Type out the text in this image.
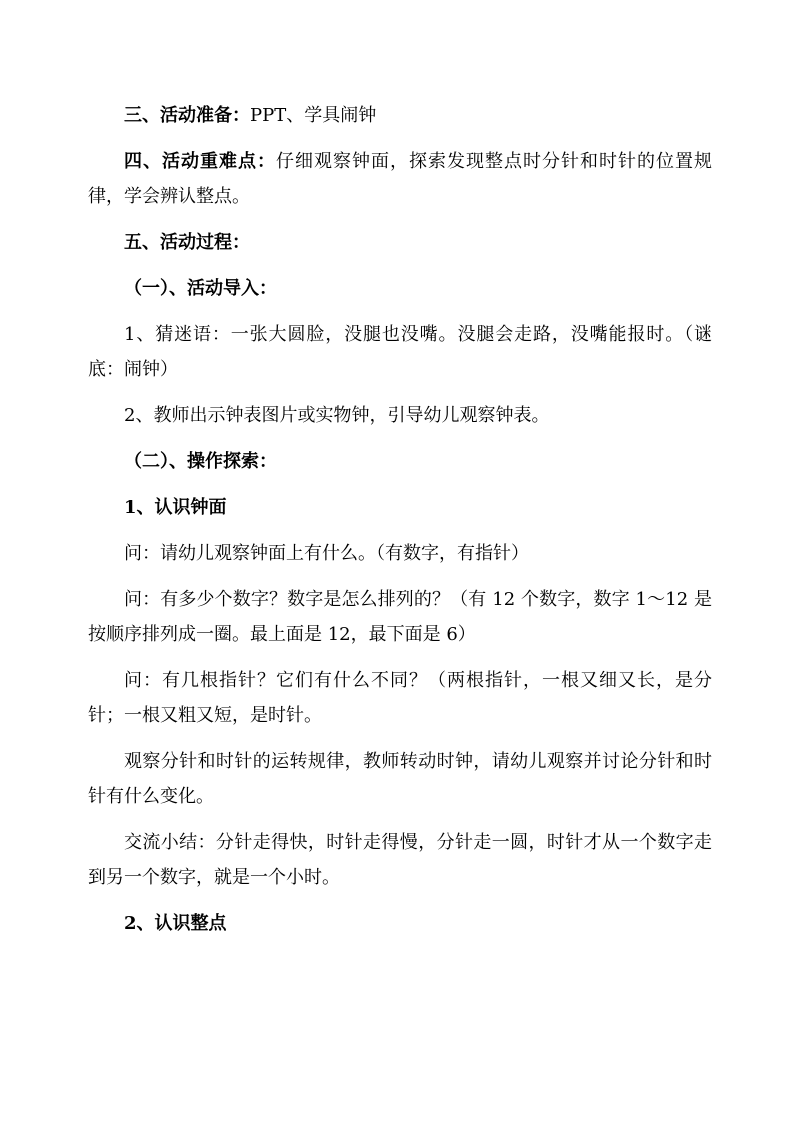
三、活动准备：PPT、学具闹钟

四、活动重难点：仔细观察钟面，探索发现整点时分针和时针的位置规律，学会辨认整点。

五、活动过程：

（一）、活动导入：

1、猜迷语：一张大圆脸，没腿也没嘴。没腿会走路，没嘴能报时。（谜底：闹钟）

2、教师出示钟表图片或实物钟，引导幼儿观察钟表。

（二）、操作探索：

1、认识钟面

问：请幼儿观察钟面上有什么。（有数字，有指针）

问：有多少个数字？数字是怎么排列的？（有 12 个数字，数字 1～12 是按顺序排列成一圈。最上面是 12，最下面是 6）

问：有几根指针？它们有什么不同？（两根指针，一根又细又长，是分针；一根又粗又短，是时针。

观察分针和时针的运转规律，教师转动时钟，请幼儿观察并讨论分针和时针有什么变化。

交流小结：分针走得快，时针走得慢，分针走一圆，时针才从一个数字走到另一个数字，就是一个小时。

2、认识整点
